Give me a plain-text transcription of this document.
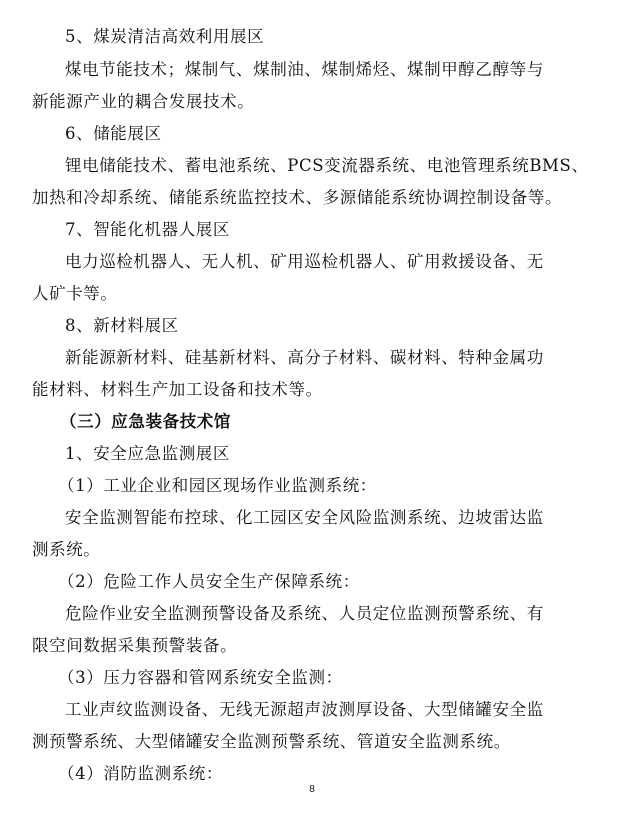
5、煤炭清洁高效利用展区
煤电节能技术；煤制气、煤制油、煤制烯烃、煤制甲醇乙醇等与
新能源产业的耦合发展技术。
6、储能展区
锂电储能技术、蓄电池系统、PCS变流器系统、电池管理系统BMS、
加热和冷却系统、储能系统监控技术、多源储能系统协调控制设备等。
7、智能化机器人展区
电力巡检机器人、无人机、矿用巡检机器人、矿用救援设备、无
人矿卡等。
8、新材料展区
新能源新材料、硅基新材料、高分子材料、碳材料、特种金属功
能材料、材料生产加工设备和技术等。
（三）应急装备技术馆
1、安全应急监测展区
（1）工业企业和园区现场作业监测系统：
安全监测智能布控球、化工园区安全风险监测系统、边坡雷达监
测系统。
（2）危险工作人员安全生产保障系统：
危险作业安全监测预警设备及系统、人员定位监测预警系统、有
限空间数据采集预警装备。
（3）压力容器和管网系统安全监测：
工业声纹监测设备、无线无源超声波测厚设备、大型储罐安全监
测预警系统、大型储罐安全监测预警系统、管道安全监测系统。
（4）消防监测系统：
8
